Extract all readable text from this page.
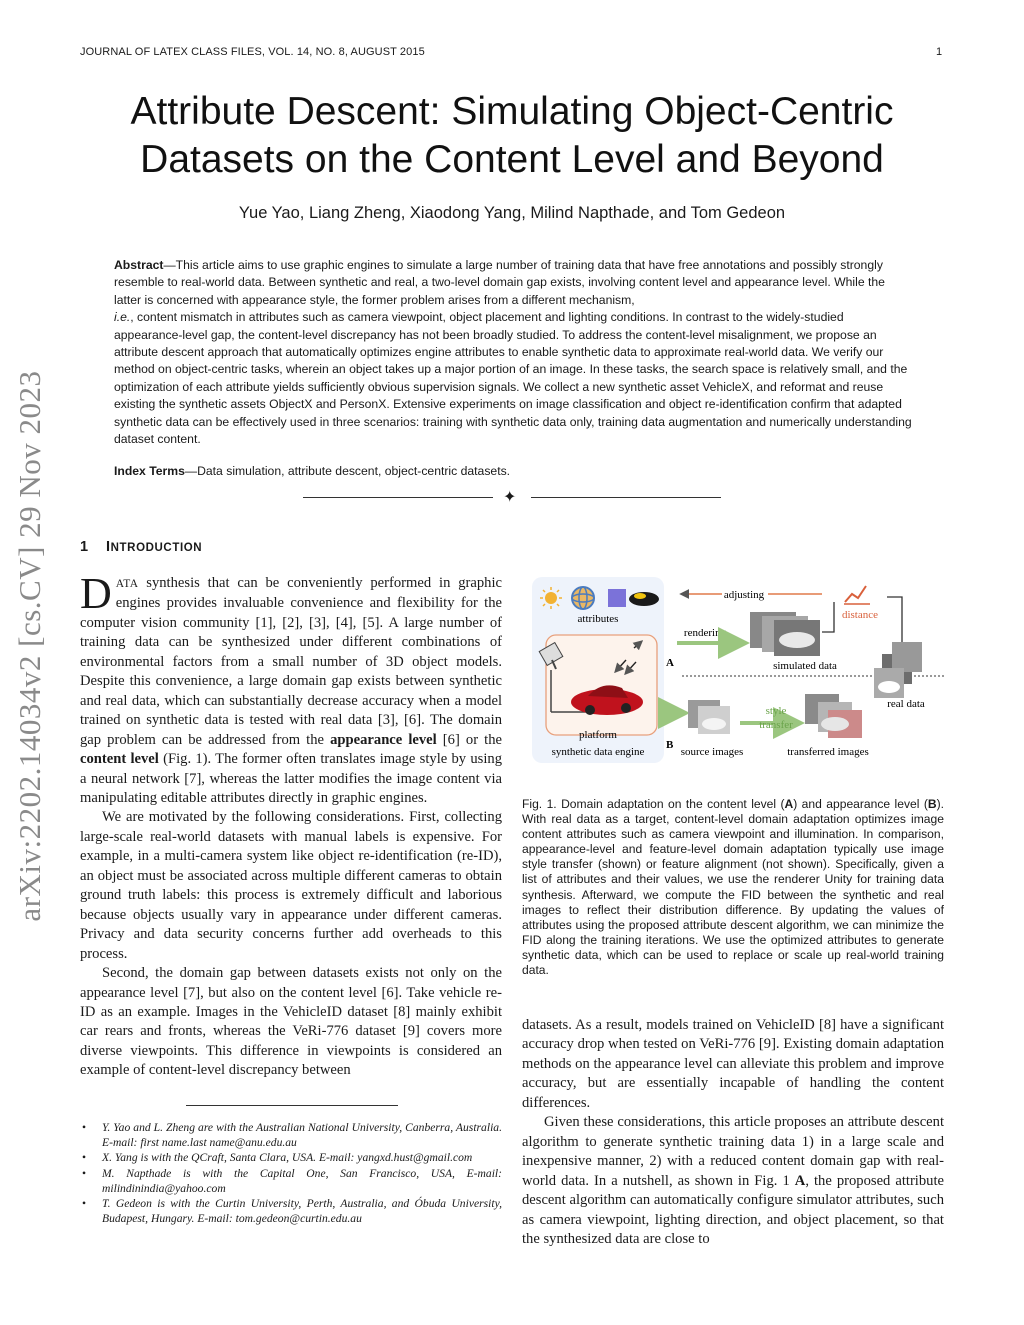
JOURNAL OF LATEX CLASS FILES, VOL. 14, NO. 8, AUGUST 2015	1
arXiv:2202.14034v2 [cs.CV] 29 Nov 2023
Attribute Descent: Simulating Object-Centric
Datasets on the Content Level and Beyond
Yue Yao, Liang Zheng, Xiaodong Yang, Milind Napthade, and Tom Gedeon

Abstract—This article aims to use graphic engines to simulate a large number of training data that have free annotations and possibly strongly resemble to real-world data. Between synthetic and real, a two-level domain gap exists, involving content level and appearance level. While the latter is concerned with appearance style, the former problem arises from a different mechanism,
i.e., content mismatch in attributes such as camera viewpoint, object placement and lighting conditions. In contrast to the widely-studied appearance-level gap, the content-level discrepancy has not been broadly studied. To address the content-level misalignment, we propose an attribute descent approach that automatically optimizes engine attributes to enable synthetic data to approximate real-world data. We verify our method on object-centric tasks, wherein an object takes up a major portion of an image. In these tasks, the search space is relatively small, and the optimization of each attribute yields sufficiently obvious supervision signals. We collect a new synthetic asset VehicleX, and reformat and reuse existing the synthetic assets ObjectX and PersonX. Extensive experiments on image classification and object re-identification confirm that adapted synthetic data can be effectively used in three scenarios: training with synthetic data only, training data augmentation and numerically understanding dataset content.

Index Terms—Data simulation, attribute descent, object-centric datasets.
✦
1 INTRODUCTION

DATA synthesis that can be conveniently performed in graphic engines provides invaluable convenience and flexibility for the computer vision community [1], [2], [3], [4], [5]. A large number of training data can be synthesized under different combinations of environmental factors from a small number of 3D object models. Despite this convenience, a large domain gap exists between synthetic and real data, which can substantially decrease accuracy when a model trained on synthetic data is tested with real data [3], [6]. The domain gap problem can be addressed from the appearance level [6] or the content level (Fig. 1). The former often translates image style by using a neural network [7], whereas the latter modifies the image content via manipulating editable attributes directly in graphic engines.

We are motivated by the following considerations. First, collecting large-scale real-world datasets with manual labels is expensive. For example, in a multi-camera system like object re-identification (re-ID), an object must be associated across multiple different cameras to obtain ground truth labels: this process is extremely difficult and laborious because objects usually vary in appearance under different cameras. Privacy and data security concerns further add overheads to this process.

Second, the domain gap between datasets exists not only on the appearance level [7], but also on the content level [6]. Take vehicle re-ID as an example. Images in the VehicleID dataset [8] mainly exhibit car rears and fronts, whereas the VeRi-776 dataset [9] covers more diverse viewpoints. This difference in viewpoints is considered an example of content-level discrepancy between

• Y. Yao and L. Zheng are with the Australian National University, Canberra, Australia. E-mail: first name.last name@anu.edu.au
• X. Yang is with the QCraft, Santa Clara, USA. E-mail: yangxd.hust@gmail.com
• M. Napthade is with the Capital One, San Francisco, USA, E-mail: milindinindia@yahoo.com
• T. Gedeon is with the Curtin University, Perth, Australia, and Óbuda University, Budapest, Hungary. E-mail: tom.gedeon@curtin.edu.au
attributes
platform
synthetic data engine
adjusting
distance
rendering
A	simulated data
real data
B
source images
style
transfer
transferred images
Fig. 1. Domain adaptation on the content level (A) and appearance level (B). With real data as a target, content-level domain adaptation optimizes image content attributes such as camera viewpoint and illumination. In comparison, appearance-level and feature-level domain adaptation typically use image style transfer (shown) or feature alignment (not shown). Specifically, given a list of attributes and their values, we use the renderer Unity for training data synthesis. Afterward, we compute the FID between the synthetic and real images to reflect their distribution difference. By updating the values of attributes using the proposed attribute descent algorithm, we can minimize the FID along the training iterations. We use the optimized attributes to generate synthetic data, which can be used to replace or scale up real-world training data.

datasets. As a result, models trained on VehicleID [8] have a significant accuracy drop when tested on VeRi-776 [9]. Existing domain adaptation methods on the appearance level can alleviate this problem and improve accuracy, but are essentially incapable of handling the content differences.

Given these considerations, this article proposes an attribute descent algorithm to generate synthetic training data 1) in a large scale and inexpensive manner, 2) with a reduced content domain gap with real-world data. In a nutshell, as shown in Fig. 1 A, the proposed attribute descent algorithm can automatically configure simulator attributes, such as camera viewpoint, lighting direction, and object placement, so that the synthesized data are close to
